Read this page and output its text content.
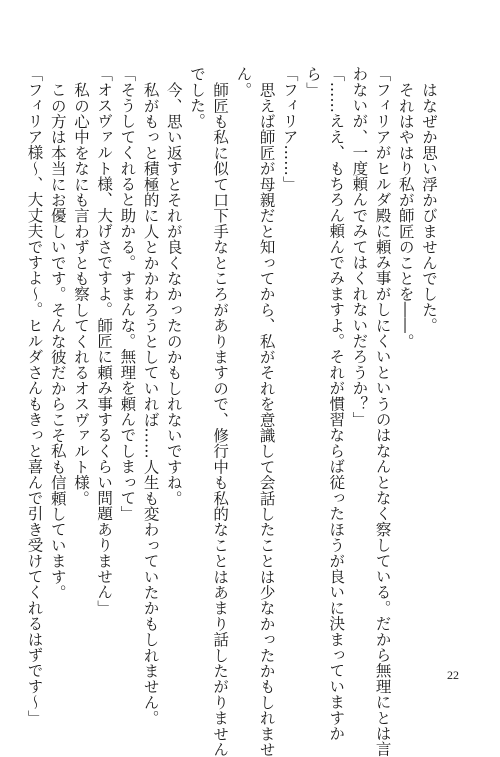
はなぜか思い浮かびませんでした。
それはやはり私が師匠のことを――。
「フィリアがヒルダ殿に頼み事がしにくいというのはなんとなく察している。だから無理にとは言
わないが、一度頼んでみてはくれないだろうか？」
「……ええ、もちろん頼んでみますよ。それが慣習ならば従ったほうが良いに決まっていますか
ら」
「フィリア……」
思えば師匠が母親だと知ってから、私がそれを意識して会話したことは少なかったかもしれませ
ん。
師匠も私に似て口下手なところがありますので、修行中も私的なことはあまり話したがりません
でした。
今、思い返すとそれが良くなかったのかもしれないですね。
私がもっと積極的に人とかかわろうとしていれば……人生も変わっていたかもしれません。
「そうしてくれると助かる。すまんな。無理を頼んでしまって」
「オスヴァルト様、大げさですよ。師匠に頼み事するくらい問題ありません」
私の心中をなにも言わずとも察してくれるオスヴァルト様。
この方は本当にお優しいです。そんな彼だからこそ私も信頼しています。
「フィリア様～、大丈夫ですよ～。ヒルダさんもきっと喜んで引き受けてくれるはずです～」	22
